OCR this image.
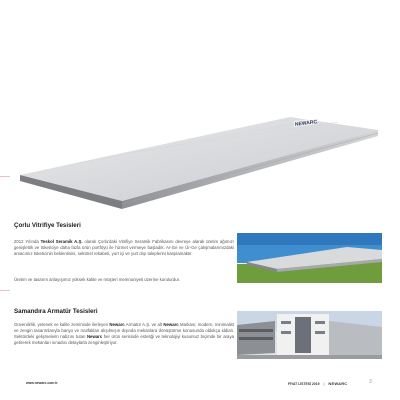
NEWARC
Çorlu Vitrifiye Tesisleri
2012 Yılında Teskol Seramik A.Ş. olarak Çorlu'daki Vitrifiye Seramik Fabrikasını devreye alarak üretim ağımızı genişlettik ve tüketiciye daha fazla ürün portföyü ile hizmet vermeye başladık. Ar-Ge ve Ür-Ge çalışmalarımızdaki amacımız tüketicinin beklentisini, sektörel rekabeti, yurt içi ve yurt dışı taleplerini karşılamaktır.
Üretim ve tasarım anlayışımız yüksek kalite ve müşteri memnuniyeti üzerine kurulurdur.
Samandıra Armatür Tesisleri
Güvenilirlik, yetenek ve kalite zemininde ilerleyen Newarc Armatür A.Ş. ve alt Newarc Markası; modern, minimalist ve zengin tasarımlarıyla banyo ve mutfakları alışılmışın dışında mekanlara dönüştürme konusunda oldukça iddialı. Sektördeki gelişmelerin nabzını tutan Newarc her ürün serisinde estetiği ve teknolojiyi kusursuz biçimde bir araya getirerek mekanları sınadısı detaylarla zenginleştiriyor.
www.newarc.com.tr	FİYAT LİSTESİ 2019 | NEWARC	3
